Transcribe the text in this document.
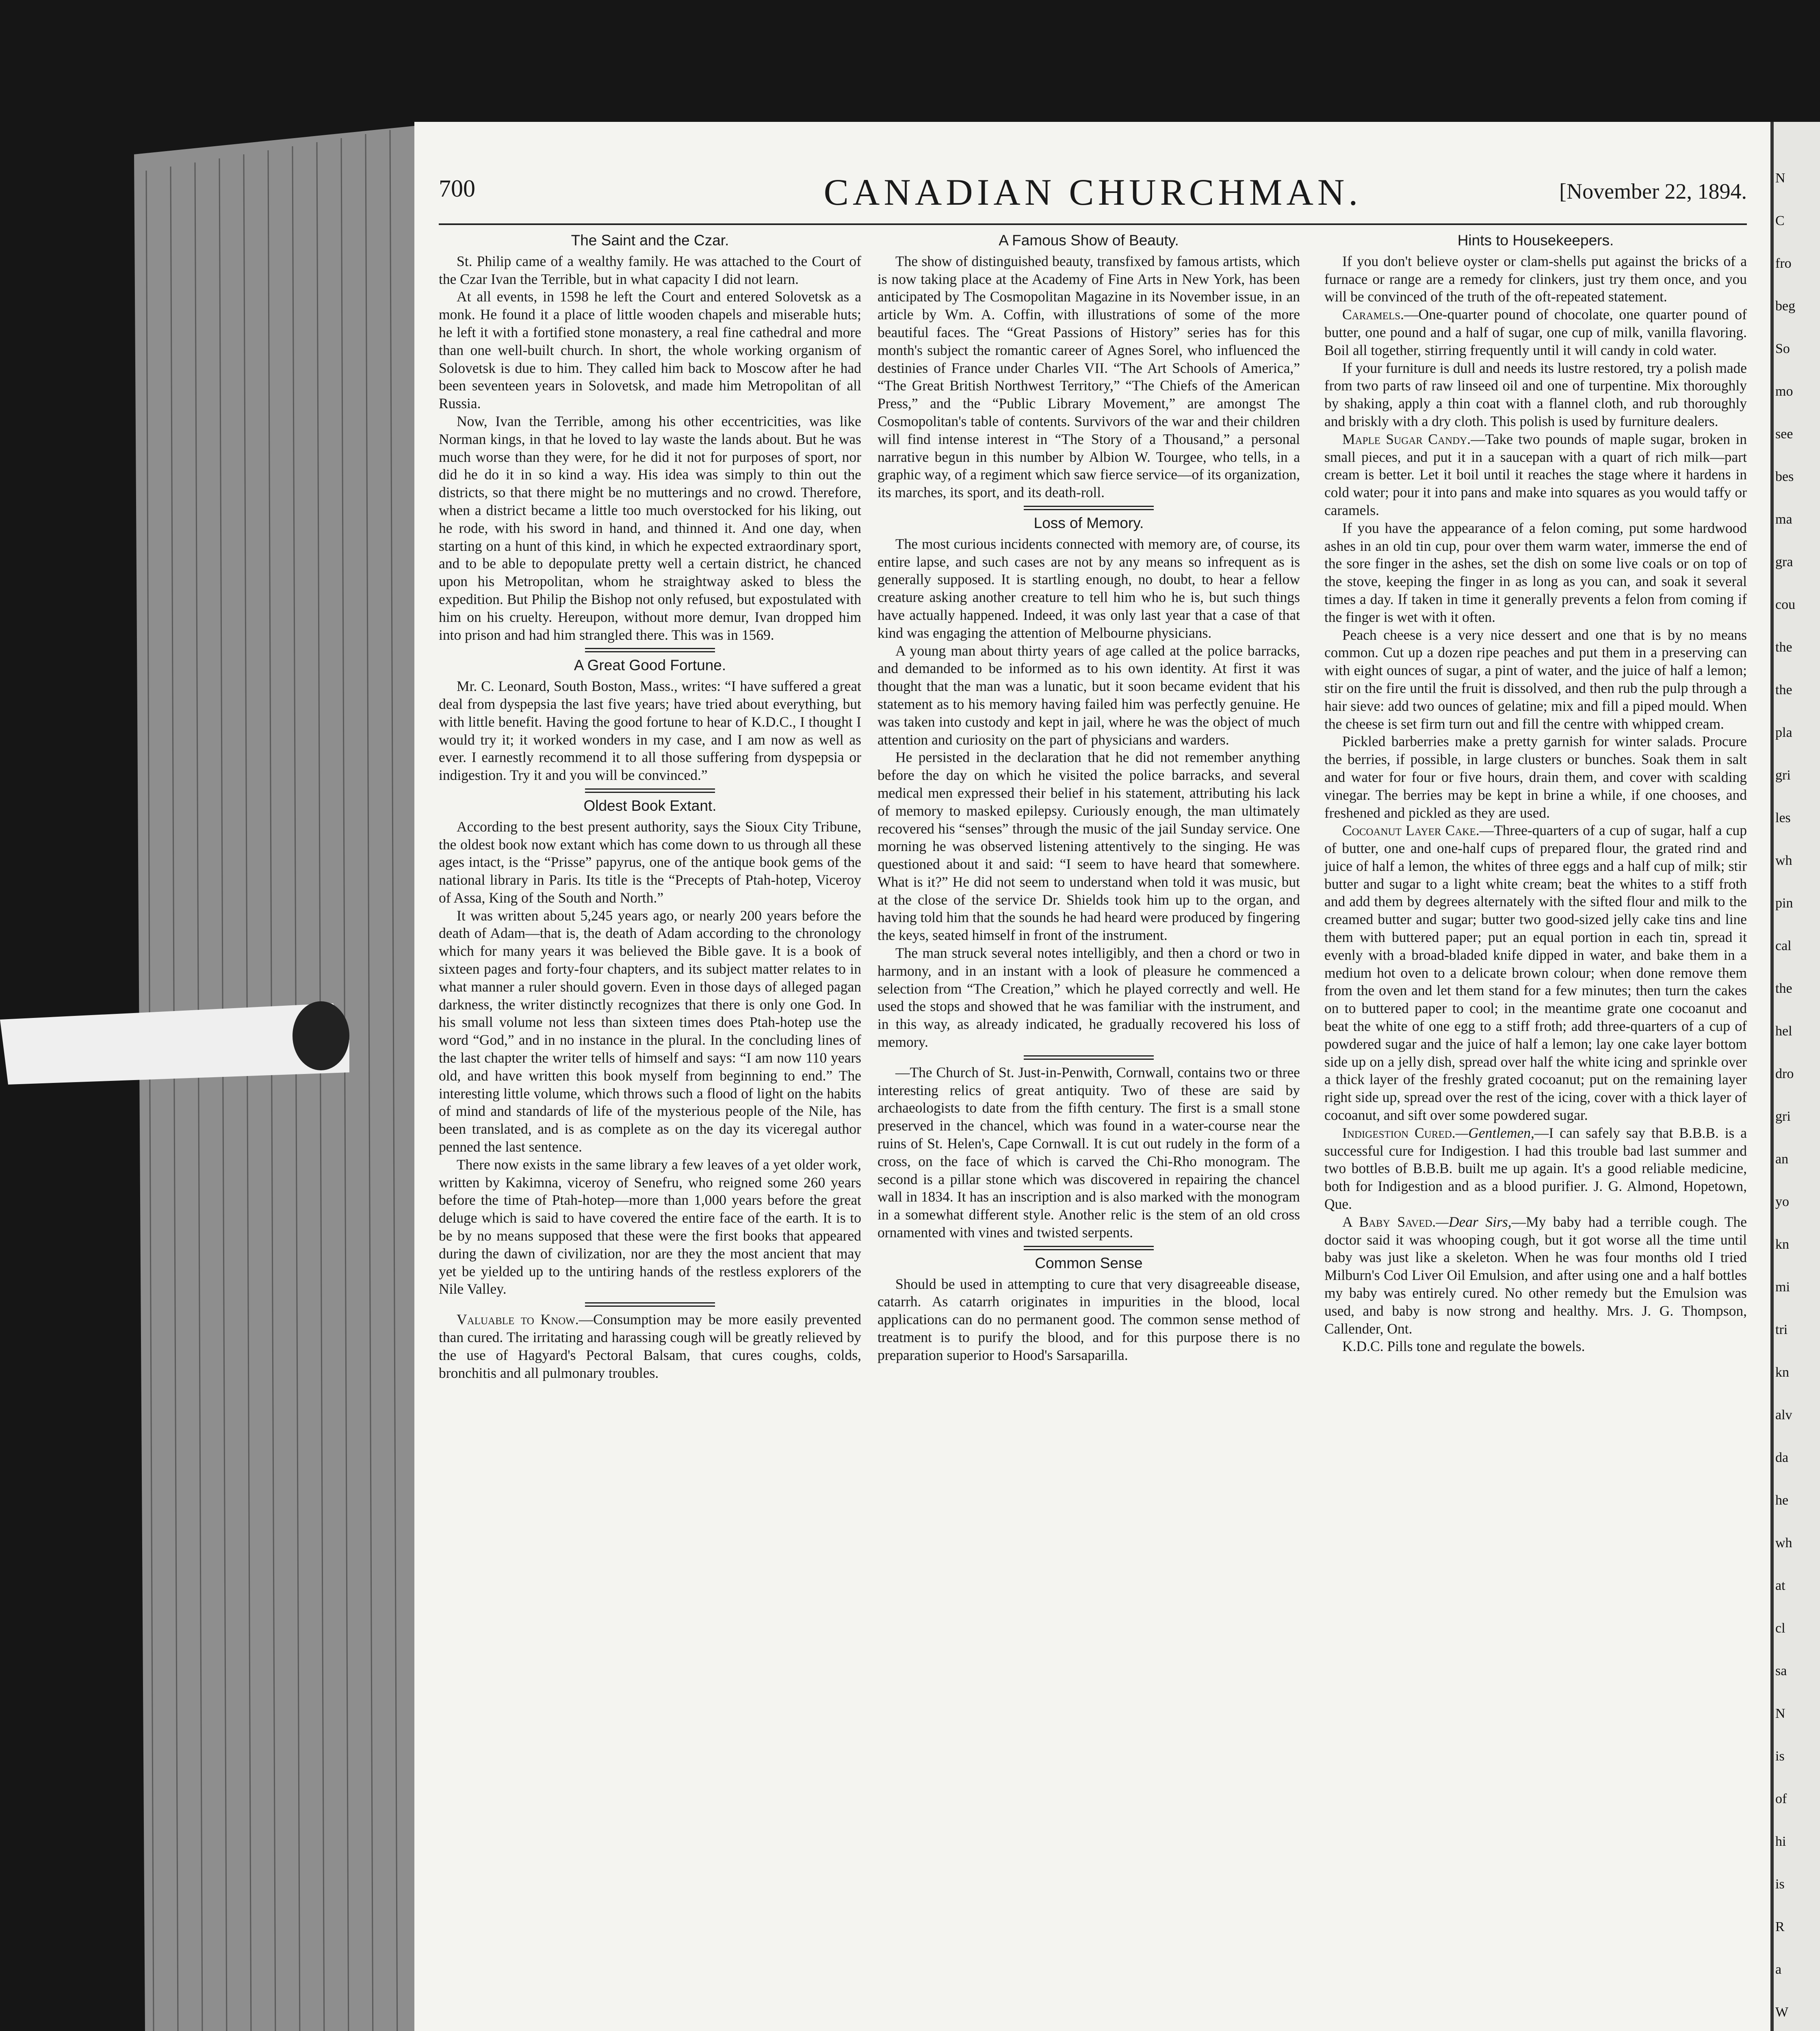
700	CANADIAN CHURCHMAN.	[November 22, 1894.
The Saint and the Czar.

St. Philip came of a wealthy family. He was attached to the Court of the Czar Ivan the Terrible, but in what capacity I did not learn.

At all events, in 1598 he left the Court and entered Solovetsk as a monk. He found it a place of little wooden chapels and miserable huts; he left it with a fortified stone monastery, a real fine cathedral and more than one well-built church. In short, the whole working organism of Solovetsk is due to him. They called him back to Moscow after he had been seventeen years in Solovetsk, and made him Metropolitan of all Russia.

Now, Ivan the Terrible, among his other eccentricities, was like Norman kings, in that he loved to lay waste the lands about. But he was much worse than they were, for he did it not for purposes of sport, nor did he do it in so kind a way. His idea was simply to thin out the districts, so that there might be no mutterings and no crowd. Therefore, when a district became a little too much overstocked for his liking, out he rode, with his sword in hand, and thinned it. And one day, when starting on a hunt of this kind, in which he expected extraordinary sport, and to be able to depopulate pretty well a certain district, he chanced upon his Metropolitan, whom he straightway asked to bless the expedition. But Philip the Bishop not only refused, but expostulated with him on his cruelty. Hereupon, without more demur, Ivan dropped him into prison and had him strangled there. This was in 1569.

A Great Good Fortune.

Mr. C. Leonard, South Boston, Mass., writes: “I have suffered a great deal from dyspepsia the last five years; have tried about everything, but with little benefit. Having the good fortune to hear of K.D.C., I thought I would try it; it worked wonders in my case, and I am now as well as ever. I earnestly recommend it to all those suffering from dyspepsia or indigestion. Try it and you will be convinced.”

Oldest Book Extant.

According to the best present authority, says the Sioux City Tribune, the oldest book now extant which has come down to us through all these ages intact, is the “Prisse” papyrus, one of the antique book gems of the national library in Paris. Its title is the “Precepts of Ptah-hotep, Viceroy of Assa, King of the South and North.”

It was written about 5,245 years ago, or nearly 200 years before the death of Adam—that is, the death of Adam according to the chronology which for many years it was believed the Bible gave. It is a book of sixteen pages and forty-four chapters, and its subject matter relates to in what manner a ruler should govern. Even in those days of alleged pagan darkness, the writer distinctly recognizes that there is only one God. In his small volume not less than sixteen times does Ptah-hotep use the word “God,” and in no instance in the plural. In the concluding lines of the last chapter the writer tells of himself and says: “I am now 110 years old, and have written this book myself from beginning to end.” The interesting little volume, which throws such a flood of light on the habits of mind and standards of life of the mysterious people of the Nile, has been translated, and is as complete as on the day its viceregal author penned the last sentence.

There now exists in the same library a few leaves of a yet older work, written by Kakimna, viceroy of Senefru, who reigned some 260 years before the time of Ptah-hotep—more than 1,000 years before the great deluge which is said to have covered the entire face of the earth. It is to be by no means supposed that these were the first books that appeared during the dawn of civilization, nor are they the most ancient that may yet be yielded up to the untiring hands of the restless explorers of the Nile Valley.

Valuable to Know.—Consumption may be more easily prevented than cured. The irritating and harassing cough will be greatly relieved by the use of Hagyard's Pectoral Balsam, that cures coughs, colds, bronchitis and all pulmonary troubles.

A Famous Show of Beauty.

The show of distinguished beauty, transfixed by famous artists, which is now taking place at the Academy of Fine Arts in New York, has been anticipated by The Cosmopolitan Magazine in its November issue, in an article by Wm. A. Coffin, with illustrations of some of the more beautiful faces. The “Great Passions of History” series has for this month's subject the romantic career of Agnes Sorel, who influenced the destinies of France under Charles VII. “The Art Schools of America,” “The Great British Northwest Territory,” “The Chiefs of the American Press,” and the “Public Library Movement,” are amongst The Cosmopolitan's table of contents. Survivors of the war and their children will find intense interest in “The Story of a Thousand,” a personal narrative begun in this number by Albion W. Tourgee, who tells, in a graphic way, of a regiment which saw fierce service—of its organization, its marches, its sport, and its death-roll.

Loss of Memory.

The most curious incidents connected with memory are, of course, its entire lapse, and such cases are not by any means so infrequent as is generally supposed. It is startling enough, no doubt, to hear a fellow creature asking another creature to tell him who he is, but such things have actually happened. Indeed, it was only last year that a case of that kind was engaging the attention of Melbourne physicians.

A young man about thirty years of age called at the police barracks, and demanded to be informed as to his own identity. At first it was thought that the man was a lunatic, but it soon became evident that his statement as to his memory having failed him was perfectly genuine. He was taken into custody and kept in jail, where he was the object of much attention and curiosity on the part of physicians and warders.

He persisted in the declaration that he did not remember anything before the day on which he visited the police barracks, and several medical men expressed their belief in his statement, attributing his lack of memory to masked epilepsy. Curiously enough, the man ultimately recovered his “senses” through the music of the jail Sunday service. One morning he was observed listening attentively to the singing. He was questioned about it and said: “I seem to have heard that somewhere. What is it?” He did not seem to understand when told it was music, but at the close of the service Dr. Shields took him up to the organ, and having told him that the sounds he had heard were produced by fingering the keys, seated himself in front of the instrument.

The man struck several notes intelligibly, and then a chord or two in harmony, and in an instant with a look of pleasure he commenced a selection from “The Creation,” which he played correctly and well. He used the stops and showed that he was familiar with the instrument, and in this way, as already indicated, he gradually recovered his loss of memory.

—The Church of St. Just-in-Penwith, Cornwall, contains two or three interesting relics of great antiquity. Two of these are said by archaeologists to date from the fifth century. The first is a small stone preserved in the chancel, which was found in a water-course near the ruins of St. Helen's, Cape Cornwall. It is cut out rudely in the form of a cross, on the face of which is carved the Chi-Rho monogram. The second is a pillar stone which was discovered in repairing the chancel wall in 1834. It has an inscription and is also marked with the monogram in a somewhat different style. Another relic is the stem of an old cross ornamented with vines and twisted serpents.

Common Sense

Should be used in attempting to cure that very disagreeable disease, catarrh. As catarrh originates in impurities in the blood, local applications can do no permanent good. The common sense method of treatment is to purify the blood, and for this purpose there is no preparation superior to Hood's Sarsaparilla.

Hints to Housekeepers.

If you don't believe oyster or clam-shells put against the bricks of a furnace or range are a remedy for clinkers, just try them once, and you will be convinced of the truth of the oft-repeated statement.

Caramels.—One-quarter pound of chocolate, one quarter pound of butter, one pound and a half of sugar, one cup of milk, vanilla flavoring. Boil all together, stirring frequently until it will candy in cold water.

If your furniture is dull and needs its lustre restored, try a polish made from two parts of raw linseed oil and one of turpentine. Mix thoroughly by shaking, apply a thin coat with a flannel cloth, and rub thoroughly and briskly with a dry cloth. This polish is used by furniture dealers.

Maple Sugar Candy.—Take two pounds of maple sugar, broken in small pieces, and put it in a saucepan with a quart of rich milk—part cream is better. Let it boil until it reaches the stage where it hardens in cold water; pour it into pans and make into squares as you would taffy or caramels.

If you have the appearance of a felon coming, put some hardwood ashes in an old tin cup, pour over them warm water, immerse the end of the sore finger in the ashes, set the dish on some live coals or on top of the stove, keeping the finger in as long as you can, and soak it several times a day. If taken in time it generally prevents a felon from coming if the finger is wet with it often.

Peach cheese is a very nice dessert and one that is by no means common. Cut up a dozen ripe peaches and put them in a preserving can with eight ounces of sugar, a pint of water, and the juice of half a lemon; stir on the fire until the fruit is dissolved, and then rub the pulp through a hair sieve: add two ounces of gelatine; mix and fill a piped mould. When the cheese is set firm turn out and fill the centre with whipped cream.

Pickled barberries make a pretty garnish for winter salads. Procure the berries, if possible, in large clusters or bunches. Soak them in salt and water for four or five hours, drain them, and cover with scalding vinegar. The berries may be kept in brine a while, if one chooses, and freshened and pickled as they are used.

Cocoanut Layer Cake.—Three-quarters of a cup of sugar, half a cup of butter, one and one-half cups of prepared flour, the grated rind and juice of half a lemon, the whites of three eggs and a half cup of milk; stir butter and sugar to a light white cream; beat the whites to a stiff froth and add them by degrees alternately with the sifted flour and milk to the creamed butter and sugar; butter two good-sized jelly cake tins and line them with buttered paper; put an equal portion in each tin, spread it evenly with a broad-bladed knife dipped in water, and bake them in a medium hot oven to a delicate brown colour; when done remove them from the oven and let them stand for a few minutes; then turn the cakes on to buttered paper to cool; in the meantime grate one cocoanut and beat the white of one egg to a stiff froth; add three-quarters of a cup of powdered sugar and the juice of half a lemon; lay one cake layer bottom side up on a jelly dish, spread over half the white icing and sprinkle over a thick layer of the freshly grated cocoanut; put on the remaining layer right side up, spread over the rest of the icing, cover with a thick layer of cocoanut, and sift over some powdered sugar.

Indigestion Cured.—Gentlemen,—I can safely say that B.B.B. is a successful cure for Indigestion. I had this trouble bad last summer and two bottles of B.B.B. built me up again. It's a good reliable medicine, both for Indigestion and as a blood purifier. J. G. Almond, Hopetown, Que.

A Baby Saved.—Dear Sirs,—My baby had a terrible cough. The doctor said it was whooping cough, but it got worse all the time until baby was just like a skeleton. When he was four months old I tried Milburn's Cod Liver Oil Emulsion, and after using one and a half bottles my baby was entirely cured. No other remedy but the Emulsion was used, and baby is now strong and healthy. Mrs. J. G. Thompson, Callender, Ont.

K.D.C. Pills tone and regulate the bowels.

N
C
fro
beg
So
mo
see
bes
ma
gra
cou
the
the
pla
gri
les
wh
pin
cal
the
hel
dro
gri
an
yo
kn
mi
tri
kn
alv
da
he
wh
at
cl
sa
N
is
of
hi
is
R
a
W
